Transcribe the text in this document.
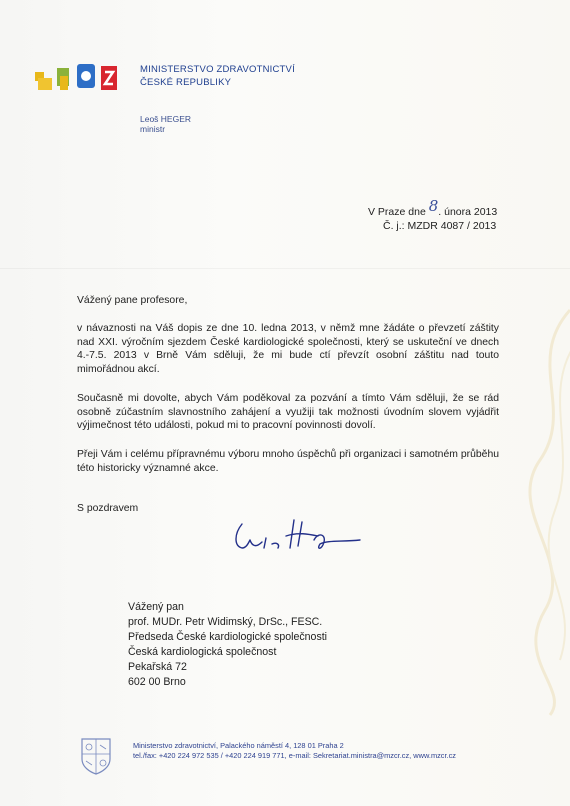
MINISTERSTVO ZDRAVOTNICTVÍ
ČESKÉ REPUBLIKY
Leoš HEGER
ministr
V Praze dne 8. února 2013
Č. j.: MZDR 4087 / 2013
Vážený pane profesore,
v návaznosti na Váš dopis ze dne 10. ledna 2013, v němž mne žádáte o převzetí záštity nad XXI. výročním sjezdem České kardiologické společnosti, který se uskuteční ve dnech 4.-7.5. 2013 v Brně Vám sděluji, že mi bude ctí převzít osobní záštitu nad touto mimořádnou akcí.
Současně mi dovolte, abych Vám poděkoval za pozvání a tímto Vám sděluji, že se rád osobně zúčastním slavnostního zahájení a využiji tak možnosti úvodním slovem vyjádřit výjimečnost této události, pokud mi to pracovní povinnosti dovolí.
Přeji Vám i celému přípravnému výboru mnoho úspěchů při organizaci i samotném průběhu této historicky významné akce.
S pozdravem
Vážený pan
prof. MUDr. Petr Widimský, DrSc., FESC.
Předseda České kardiologické společnosti
Česká kardiologická společnost
Pekařská 72
602 00 Brno
Ministerstvo zdravotnictví, Palackého náměstí 4, 128 01 Praha 2
tel./fax: +420 224 972 535 / +420 224 919 771, e-mail: Sekretariat.ministra@mzcr.cz, www.mzcr.cz
